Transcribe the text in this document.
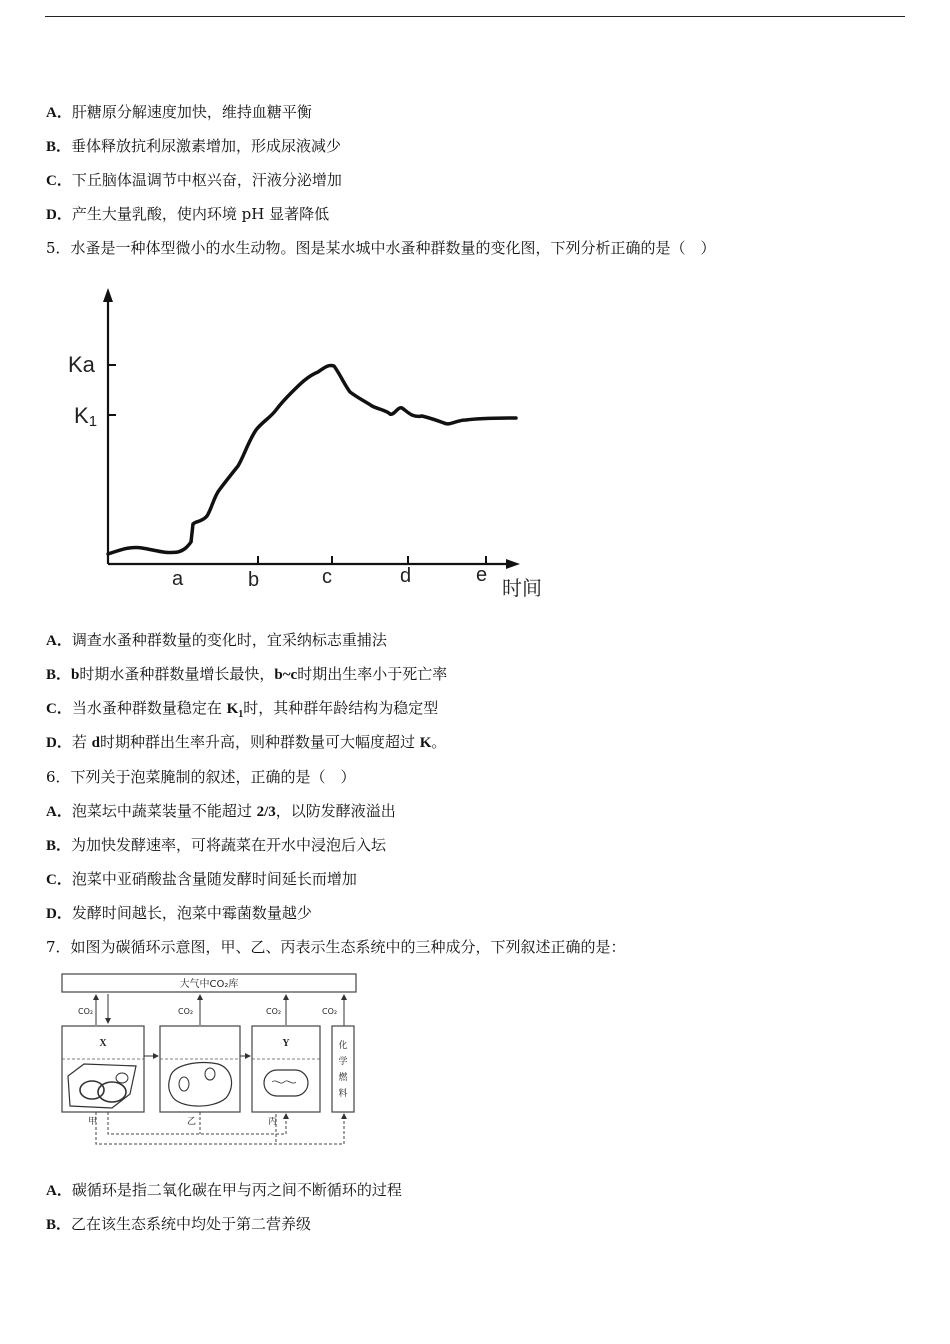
A．肝糖原分解速度加快，维持血糖平衡
B．垂体释放抗利尿激素增加，形成尿液减少
C．下丘脑体温调节中枢兴奋，汗液分泌增加
D．产生大量乳酸，使内环境 pH 显著降低
5．水蚤是一种体型微小的水生动物。图是某水城中水蚤种群数量的变化图，下列分析正确的是（　）
Ka
K1
a	b	c	d	e
时间
A．调查水蚤种群数量的变化时，宜采纳标志重捕法
B．b时期水蚤种群数量增长最快，b~c时期出生率小于死亡率
C．当水蚤种群数量稳定在 $K_1$时，其种群年龄结构为稳定型
D．若 d时期种群出生率升高，则种群数量可大幅度超过 K。
6．下列关于泡菜腌制的叙述，正确的是（　）
A．泡菜坛中蔬菜装量不能超过 2/3，以防发酵液溢出
B．为加快发酵速率，可将蔬菜在开水中浸泡后入坛
C．泡菜中亚硝酸盐含量随发酵时间延长而增加
D．发酵时间越长，泡菜中霉菌数量越少
7．如图为碳循环示意图，甲、乙、丙表示生态系统中的三种成分，下列叙述正确的是：
大气中CO₂库
CO₂	CO₂	CO₂	CO₂
X	Y	化
学
燃
料
甲	乙	丙
A．碳循环是指二氧化碳在甲与丙之间不断循环的过程
B．乙在该生态系统中均处于第二营养级
